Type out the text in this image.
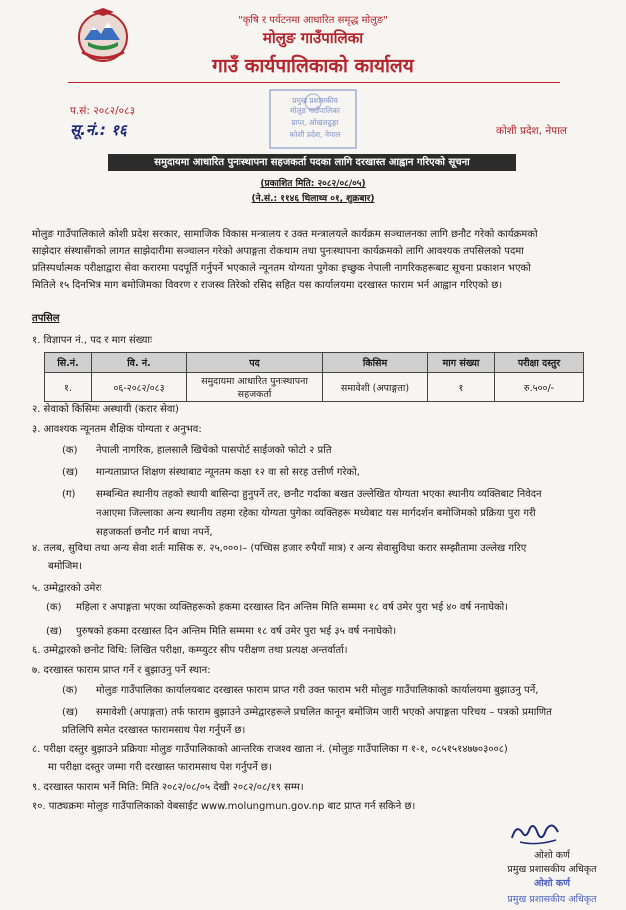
"कृषि र पर्यटनमा आधारित समृद्ध मोलुङ"
मोलुङ गाउँपालिका
गाउँ कार्यपालिकाको कार्यालय
प.सं: २०८२/०८३
सू.नं.: १६	कोशी प्रदेश, नेपाल
प्रमुख प्रशासकीय
मोलुङ गाउँपालिका
प्राप्त, ओखलढुङ्गा
कोशी प्रदेश, नेपाल
समुदायमा आधारित पुनःस्थापना सहजकर्ता पदका लागि दरखास्त आह्वान गरिएको सूचना
(प्रकाशित मिति: २०८२/०८/०५)
(ने.सं.: ११४६ थिलाथ्व ०१, शुक्रबार)
मोलुङ गाउँपालिकाले कोशी प्रदेश सरकार, सामाजिक विकास मन्त्रालय र उक्त मन्त्रालयले कार्यक्रम सञ्चालनका लागि छनौट गरेको कार्यक्रमको
साझेदार संस्थासँगको लागत साझेदारीमा सञ्चालन गरेको अपाङ्गता रोकथाम तथा पुनःस्थापना कार्यक्रमको लागि आवश्यक तपसिलको पदमा
प्रतिस्पर्धात्मक परीक्षाद्वारा सेवा करारमा पदपूर्ति गर्नुपर्ने भएकाले न्यूनतम योग्यता पुगेका इच्छुक नेपाली नागरिकहरूबाट सूचना प्रकाशन भएको
मितिले १५ दिनभित्र माग बमोजिमका विवरण र राजस्व तिरेको रसिद सहित यस कार्यालयमा दरखास्त फाराम भर्न आह्वान गरिएको छ।
तपसिल
१. विज्ञापन नं., पद र माग संख्याः
सि.नं.	वि. नं.	पद	किसिम	माग संख्या	परीक्षा दस्तुर
१.	०६-२०८२/०८३	समुदायमा आधारित पुनःस्थापना सहजकर्ता	समावेशी (अपाङ्गता)	१	रु.५००/-
२. सेवाको किसिमः अस्थायी (करार सेवा)
३. आवश्यक न्यूनतम शैक्षिक योग्यता र अनुभव:
(क) नेपाली नागरिक, हालसालै खिचेको पासपोर्ट साईजको फोटो २ प्रति
(ख) मान्यताप्राप्त शिक्षण संस्थाबाट न्यूनतम कक्षा १२ वा सो सरह उत्तीर्ण गरेको,
(ग) सम्बन्धित स्थानीय तहको स्थायी बासिन्दा हुनुपर्ने तर, छनौट गर्दाका बखत उल्लेखित योग्यता भएका स्थानीय व्यक्तिबाट निवेदन
नआएमा जिल्लाका अन्य स्थानीय तहमा रहेका योग्यता पुगेका व्यक्तिहरू मध्येबाट यस मार्गदर्शन बमोजिमको प्रक्रिया पुरा गरी
सहजकर्ता छनौट गर्न बाधा नपर्ने,
४. तलब, सुविधा तथा अन्य सेवा शर्तः मासिक रु. २५,०००।– (पच्चिस हजार रुपैयाँ मात्र) र अन्य सेवासुविधा करार सम्झौतामा उल्लेख गरिए
बमोजिम।
५. उम्मेद्वारको उमेरः
(क) महिला र अपाङ्गता भएका व्यक्तिहरूको हकमा दरखास्त दिन अन्तिम मिति सम्ममा १८ वर्ष उमेर पुरा भई ४० वर्ष ननाघेको।
(ख) पुरुषको हकमा दरखास्त दिन अन्तिम मिति सम्ममा १८ वर्ष उमेर पुरा भई ३५ वर्ष ननाघेको।
६. उम्मेद्वारको छनोट विधि: लिखित परीक्षा, कम्प्युटर सीप परीक्षण तथा प्रत्यक्ष अन्तर्वार्ता।
७. दरखास्त फाराम प्राप्त गर्ने र बुझाउनु पर्ने स्थान:
(क) मोलुङ गाउँपालिका कार्यालयबाट दरखास्त फाराम प्राप्त गरी उक्त फाराम भरी मोलुङ गाउँपालिकाको कार्यालयमा बुझाउनु पर्ने,
(ख) समावेशी (अपाङ्गता) तर्फ फाराम बुझाउने उम्मेद्वारहरूले प्रचलित कानून बमोजिम जारी भएको अपाङ्गता परिचय – पत्रको प्रमाणित
प्रतिलिपि समेत दरखास्त फारामसाथ पेश गर्नुपर्ने छ।
८. परीक्षा दस्तुर बुझाउने प्रक्रियाः मोलुङ गाउँपालिकाको आन्तरिक राजश्व खाता नं. (मोलुङ गाउँपालिका ग १-१, ०८५१५१४७७०३००८)
मा परीक्षा दस्तुर जम्मा गरी दरखास्त फारामसाथ पेश गर्नुपर्ने छ।
९. दरखास्त फाराम भर्ने मिति: मिति २०८२/०८/०५ देखी २०८२/०८/१९ सम्म।
१०. पाठ्यक्रमः मोलुङ गाउँपालिकाको वेबसाईट www.molungmun.gov.np बाट प्राप्त गर्न सकिने छ।
ओशो कर्ण
प्रमुख प्रशासकीय अधिकृत
ओशो कर्ण
प्रमुख प्रशासकीय अधिकृत
